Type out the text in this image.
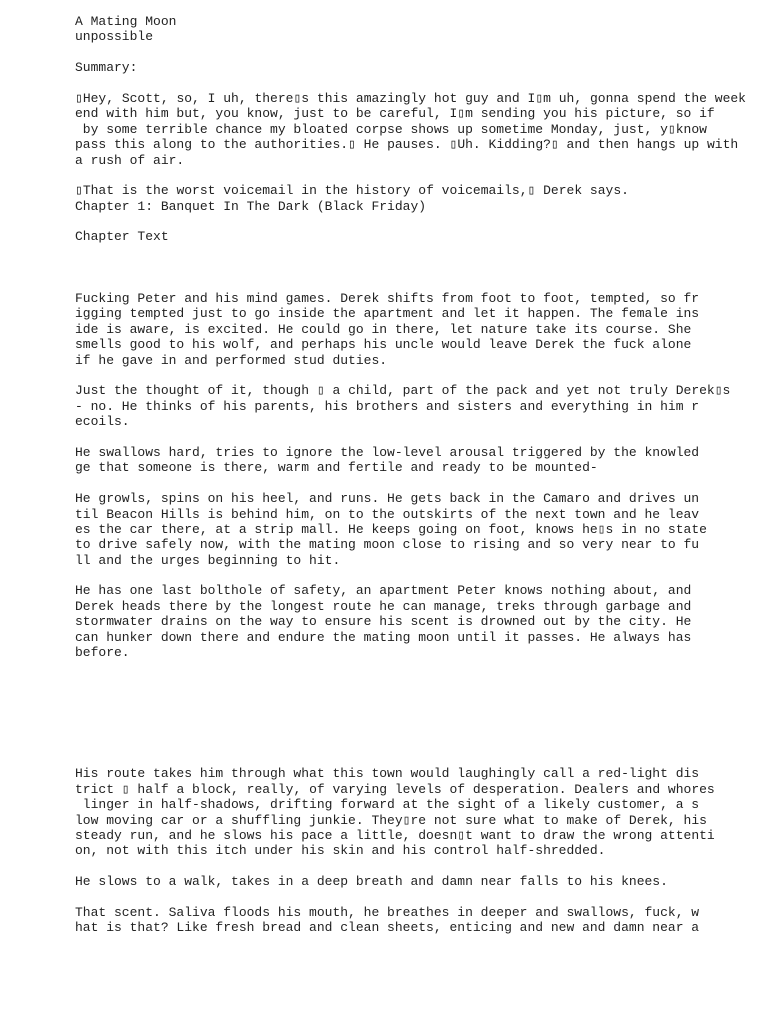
A Mating Moon
unpossible
Summary:
▯Hey, Scott, so, I uh, there▯s this amazingly hot guy and I▯m uh, gonna spend the week
end with him but, you know, just to be careful, I▯m sending you his picture, so if
by some terrible chance my bloated corpse shows up sometime Monday, just, y▯know
pass this along to the authorities.▯ He pauses. ▯Uh. Kidding?▯ and then hangs up with
a rush of air.
▯That is the worst voicemail in the history of voicemails,▯ Derek says.
Chapter 1: Banquet In The Dark (Black Friday)
Chapter Text
Fucking Peter and his mind games. Derek shifts from foot to foot, tempted, so fr
igging tempted just to go inside the apartment and let it happen. The female ins
ide is aware, is excited. He could go in there, let nature take its course. She
smells good to his wolf, and perhaps his uncle would leave Derek the fuck alone
if he gave in and performed stud duties.
Just the thought of it, though ▯ a child, part of the pack and yet not truly Derek▯s
- no. He thinks of his parents, his brothers and sisters and everything in him r
ecoils.
He swallows hard, tries to ignore the low-level arousal triggered by the knowled
ge that someone is there, warm and fertile and ready to be mounted-
He growls, spins on his heel, and runs. He gets back in the Camaro and drives un
til Beacon Hills is behind him, on to the outskirts of the next town and he leav
es the car there, at a strip mall. He keeps going on foot, knows he▯s in no state
to drive safely now, with the mating moon close to rising and so very near to fu
ll and the urges beginning to hit.
He has one last bolthole of safety, an apartment Peter knows nothing about, and
Derek heads there by the longest route he can manage, treks through garbage and
stormwater drains on the way to ensure his scent is drowned out by the city. He
can hunker down there and endure the mating moon until it passes. He always has
before.
His route takes him through what this town would laughingly call a red-light dis
trict ▯ half a block, really, of varying levels of desperation. Dealers and whores
linger in half-shadows, drifting forward at the sight of a likely customer, a s
low moving car or a shuffling junkie. They▯re not sure what to make of Derek, his
steady run, and he slows his pace a little, doesn▯t want to draw the wrong attenti
on, not with this itch under his skin and his control half-shredded.
He slows to a walk, takes in a deep breath and damn near falls to his knees.
That scent. Saliva floods his mouth, he breathes in deeper and swallows, fuck, w
hat is that? Like fresh bread and clean sheets, enticing and new and damn near a
